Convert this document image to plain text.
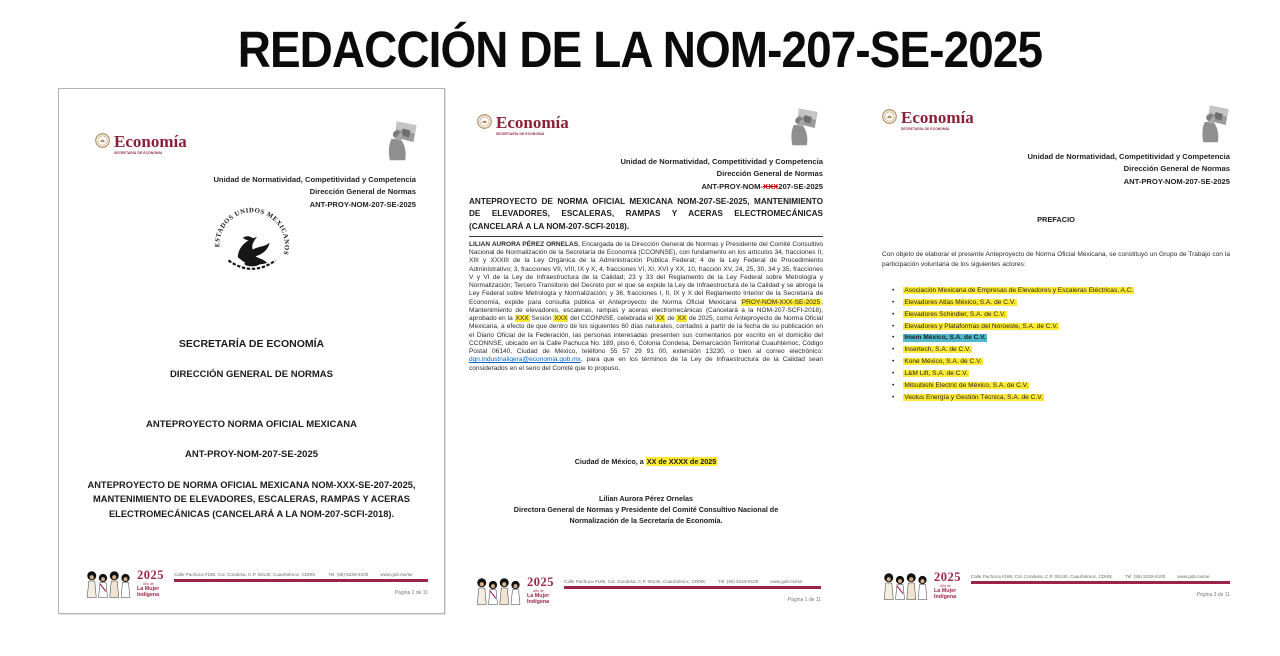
REDACCIÓN DE LA NOM-207-SE-2025
Economía
SECRETARÍA DE ECONOMÍA
Unidad de Normatividad, Competitividad y Competencia
Dirección General de Normas
ANT-PROY-NOM-207-SE-2025
ESTADOS UNIDOS MEXICANOS
SECRETARÍA DE ECONOMÍA
DIRECCIÓN GENERAL DE NORMAS
ANTEPROYECTO NORMA OFICIAL MEXICANA
ANT-PROY-NOM-207-SE-2025
ANTEPROYECTO DE NORMA OFICIAL MEXICANA NOM-XXX-SE-207-2025, MANTENIMIENTO DE ELEVADORES, ESCALERAS, RAMPAS Y ACERAS ELECTROMECÁNICAS (CANCELARÁ A LA NOM-207-SCFI-2018).
2025
Año de
La Mujer
Indígena
Calle Pachuca #189, Col. Condesa, C.P. 06140, Cuauhtémoc, CDMX.	Tel: (55) 5229-9100	www.gob.mx/se
Página 2 de 11
Economía
SECRETARÍA DE ECONOMÍA
Unidad de Normatividad, Competitividad y Competencia
Dirección General de Normas
ANT-PROY-NOM-XXX207-SE-2025
ANTEPROYECTO DE NORMA OFICIAL MEXICANA NOM-207-SE-2025, MANTENIMIENTO DE ELEVADORES, ESCALERAS, RAMPAS Y ACERAS ELECTROMECÁNICAS (CANCELARÁ A LA NOM-207-SCFI-2018).
LILIAN AURORA PÉREZ ORNELAS, Encargada de la Dirección General de Normas y Presidente del Comité Consultivo Nacional de Normalización de la Secretaría de Economía (CCONNSE), con fundamento en los artículos 34, fracciones II, XIII y XXXIII de la Ley Orgánica de la Administración Pública Federal; 4 de la Ley Federal de Procedimiento Administrativo; 3, fracciones VII, VIII, IX y X, 4, fracciones VI, XI, XVI y XX, 10, fracción XV, 24, 25, 30, 34 y 35, fracciones V y VI de la Ley de Infraestructura de la Calidad; 23 y 33 del Reglamento de la Ley Federal sobre Metrología y Normalización; Tercero Transitorio del Decreto por el que se expide la Ley de Infraestructura de la Calidad y se abroga la Ley Federal sobre Metrología y Normalización; y 36, fracciones I, II, IX y X del Reglamento Interior de la Secretaría de Economía, expide para consulta pública el Anteproyecto de Norma Oficial Mexicana PROY-NOM-XXX-SE-2025, Mantenimiento de elevadores, escaleras, rampas y aceras electromecánicas (Cancelará a la NOM-207-SCFI-2018), aprobado en la XXX Sesión XXX del CCONNSE, celebrada el XX de XX de 2025, como Anteproyecto de Norma Oficial Mexicana, a efecto de que dentro de los siguientes 60 días naturales, contados a partir de la fecha de su publicación en el Diario Oficial de la Federación, las personas interesadas presenten sus comentarios por escrito en el domicilio del CCONNSE, ubicado en la Calle Pachuca No. 189, piso 6, Colonia Condesa, Demarcación Territorial Cuauhtémoc, Código Postal 06140, Ciudad de México, teléfono 55 57 29 91 00, extensión 13230, o bien al correo electrónico: dgn.industrialigera@economia.gob.mx, para que en los términos de la Ley de Infraestructura de la Calidad sean considerados en el seno del Comité que lo propuso.
Ciudad de México, a XX de XXXX de 2025
Lilian Aurora Pérez Ornelas
Directora General de Normas y Presidente del Comité Consultivo Nacional de
Normalización de la Secretaría de Economía.
2025
Año de
La Mujer
Indígena
Calle Pachuca #189, Col. Condesa, C.P. 06140, Cuauhtémoc, CDMX.	Tel: (55) 5229-9100	www.gob.mx/se
Página 1 de 11
Economía
SECRETARÍA DE ECONOMÍA
Unidad de Normatividad, Competitividad y Competencia
Dirección General de Normas
ANT-PROY-NOM-207-SE-2025
PREFACIO
Con objeto de elaborar el presente Anteproyecto de Norma Oficial Mexicana, se constituyó un Grupo de Trabajo con la participación voluntaria de los siguientes actores:
• Asociación Mexicana de Empresas de Elevadores y Escaleras Eléctricas, A.C.
• Elevadores Atlas México, S.A. de C.V.
• Elevadores Schindler, S.A. de C.V.
• Elevadores y Plataformas del Noroeste, S.A. de C.V.
• Imem México, S.A. de C.V.
• Insertech, S.A. de C.V.
• Kone México, S.A. de C.V.
• L&M Lift, S.A. de C.V.
• Mitsubishi Electric de México, S.A. de C.V.
• Veolus Energía y Gestión Técnica, S.A. de C.V.
2025
Año de
La Mujer
Indígena
Calle Pachuca #189, Col. Condesa, C.P. 06140, Cuauhtémoc, CDMX.	Tel: (55) 5229-9100	www.gob.mx/se
Página 3 de 11
